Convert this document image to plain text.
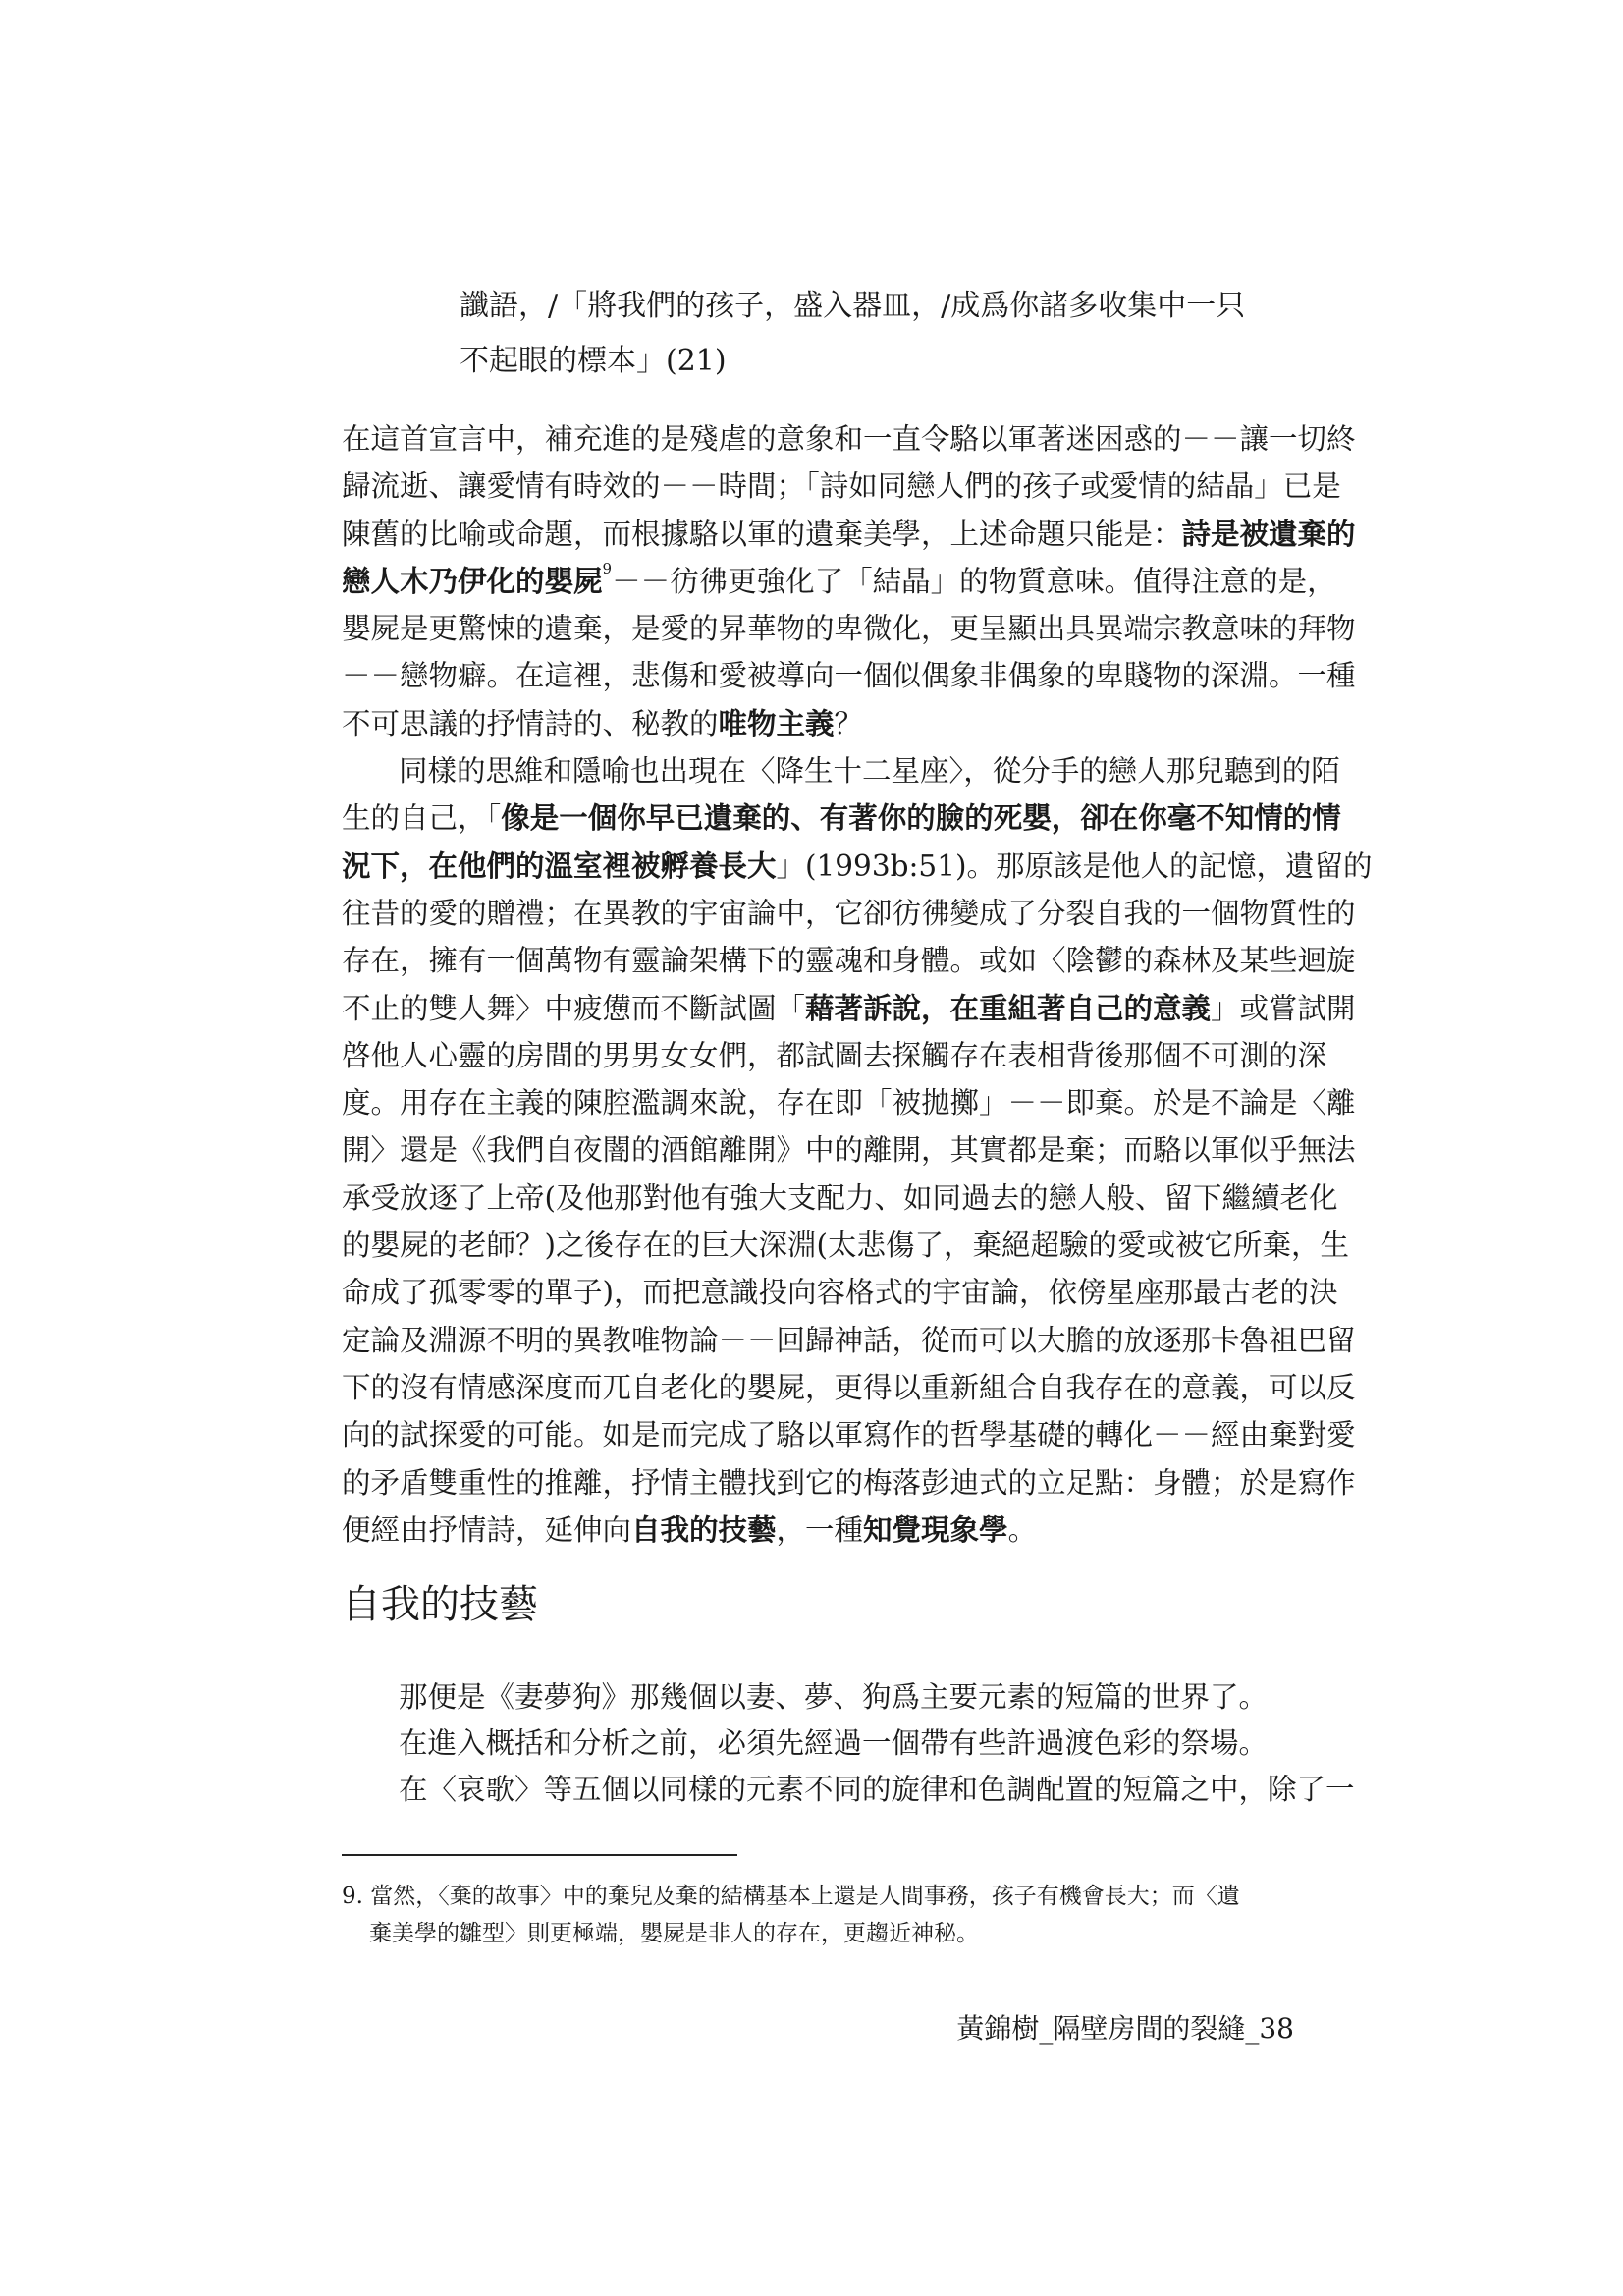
讖語，/「將我們的孩子，盛入器皿，/成爲你諸多收集中一只
不起眼的標本」(21)
在這首宣言中，補充進的是殘虐的意象和一直令駱以軍著迷困惑的－－讓一切終
歸流逝、讓愛情有時效的－－時間；「詩如同戀人們的孩子或愛情的結晶」已是
陳舊的比喻或命題，而根據駱以軍的遺棄美學，上述命題只能是：詩是被遺棄的
戀人木乃伊化的嬰屍$^9$－－彷彿更強化了「結晶」的物質意味。值得注意的是，
嬰屍是更驚悚的遺棄，是愛的昇華物的卑微化，更呈顯出具異端宗教意味的拜物
－－戀物癖。在這裡，悲傷和愛被導向一個似偶象非偶象的卑賤物的深淵。一種
不可思議的抒情詩的、秘教的唯物主義？
同樣的思維和隱喻也出現在〈降生十二星座〉，從分手的戀人那兒聽到的陌
生的自己，「像是一個你早已遺棄的、有著你的臉的死嬰，卻在你毫不知情的情
況下，在他們的溫室裡被孵養長大」(1993b:51)。那原該是他人的記憶，遺留的
往昔的愛的贈禮；在異教的宇宙論中，它卻彷彿變成了分裂自我的一個物質性的
存在，擁有一個萬物有靈論架構下的靈魂和身體。或如〈陰鬱的森林及某些迴旋
不止的雙人舞〉中疲憊而不斷試圖「藉著訴說，在重組著自己的意義」或嘗試開
啓他人心靈的房間的男男女女們，都試圖去探觸存在表相背後那個不可測的深
度。用存在主義的陳腔濫調來說，存在即「被拋擲」－－即棄。於是不論是〈離
開〉還是《我們自夜闇的酒館離開》中的離開，其實都是棄；而駱以軍似乎無法
承受放逐了上帝(及他那對他有強大支配力、如同過去的戀人般、留下繼續老化
的嬰屍的老師？)之後存在的巨大深淵(太悲傷了，棄絕超驗的愛或被它所棄，生
命成了孤零零的單子)，而把意識投向容格式的宇宙論，依傍星座那最古老的決
定論及淵源不明的異教唯物論－－回歸神話，從而可以大膽的放逐那卡魯祖巴留
下的沒有情感深度而兀自老化的嬰屍，更得以重新組合自我存在的意義，可以反
向的試探愛的可能。如是而完成了駱以軍寫作的哲學基礎的轉化－－經由棄對愛
的矛盾雙重性的推離，抒情主體找到它的梅落彭迪式的立足點：身體；於是寫作
便經由抒情詩，延伸向自我的技藝，一種知覺現象學。
自我的技藝
那便是《妻夢狗》那幾個以妻、夢、狗爲主要元素的短篇的世界了。
在進入概括和分析之前，必須先經過一個帶有些許過渡色彩的祭場。
在〈哀歌〉等五個以同樣的元素不同的旋律和色調配置的短篇之中，除了一
9. 當然，〈棄的故事〉中的棄兒及棄的結構基本上還是人間事務，孩子有機會長大；而〈遺
棄美學的雛型〉則更極端，嬰屍是非人的存在，更趨近神秘。
黃錦樹_隔壁房間的裂縫_38
